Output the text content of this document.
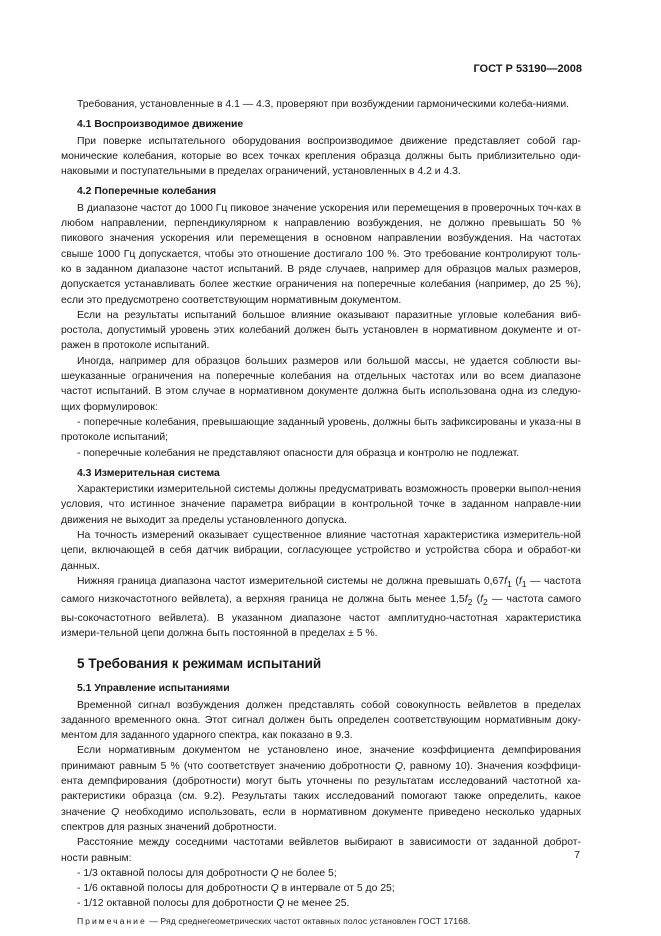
ГОСТ Р 53190—2008

Требования, установленные в 4.1 — 4.3, проверяют при возбуждении гармоническими колеба-ниями.

4.1 Воспроизводимое движение

При поверке испытательного оборудования воспроизводимое движение представляет собой гар-монические колебания, которые во всех точках крепления образца должны быть приблизительно оди-наковыми и поступательными в пределах ограничений, установленных в 4.2 и 4.3.

4.2 Поперечные колебания

В диапазоне частот до 1000 Гц пиковое значение ускорения или перемещения в проверочных точ-ках в любом направлении, перпендикулярном к направлению возбуждения, не должно превышать 50 % пикового значения ускорения или перемещения в основном направлении возбуждения. На частотах свыше 1000 Гц допускается, чтобы это отношение достигало 100 %. Это требование контролируют толь-ко в заданном диапазоне частот испытаний. В ряде случаев, например для образцов малых размеров, допускается устанавливать более жесткие ограничения на поперечные колебания (например, до 25 %), если это предусмотрено соответствующим нормативным документом.

Если на результаты испытаний большое влияние оказывают паразитные угловые колебания виб-ростола, допустимый уровень этих колебаний должен быть установлен в нормативном документе и от-ражен в протоколе испытаний.

Иногда, например для образцов больших размеров или большой массы, не удается соблюсти вы-шеуказанные ограничения на поперечные колебания на отдельных частотах или во всем диапазоне частот испытаний. В этом случае в нормативном документе должна быть использована одна из следую-щих формулировок:

- поперечные колебания, превышающие заданный уровень, должны быть зафиксированы и указа-ны в протоколе испытаний;

- поперечные колебания не представляют опасности для образца и контролю не подлежат.

4.3 Измерительная система

Характеристики измерительной системы должны предусматривать возможность проверки выпол-нения условия, что истинное значение параметра вибрации в контрольной точке в заданном направле-нии движения не выходит за пределы установленного допуска.

На точность измерений оказывает существенное влияние частотная характеристика измеритель-ной цепи, включающей в себя датчик вибрации, согласующее устройство и устройства сбора и обработ-ки данных.

Нижняя граница диапазона частот измерительной системы не должна превышать $0,67f_1$ ($f_1$ — частота самого низкочастотного вейвлета), а верхняя граница не должна быть менее $1,5f_2$ ($f_2$ — частота самого вы-сокочастотного вейвлета). В указанном диапазоне частот амплитудно-частотная характеристика измери-тельной цепи должна быть постоянной в пределах ± 5 %.

5 Требования к режимам испытаний
5.1 Управление испытаниями

Временной сигнал возбуждения должен представлять собой совокупность вейвлетов в пределах заданного временного окна. Этот сигнал должен быть определен соответствующим нормативным доку-ментом для заданного ударного спектра, как показано в 9.3.

Если нормативным документом не установлено иное, значение коэффициента демпфирования принимают равным 5 % (что соответствует значению добротности Q, равному 10). Значения коэффици-ента демпфирования (добротности) могут быть уточнены по результатам исследований частотной ха-рактеристики образца (см. 9.2). Результаты таких исследований помогают также определить, какое значение Q необходимо использовать, если в нормативном документе приведено несколько ударных спектров для разных значений добротности.

Расстояние между соседними частотами вейвлетов выбирают в зависимости от заданной доброт-ности равным:

- 1/3 октавной полосы для добротности Q не более 5;

- 1/6 октавной полосы для добротности Q в интервале от 5 до 25;

- 1/12 октавной полосы для добротности Q не менее 25.

Примечание — Ряд среднегеометрических частот октавных полос установлен ГОСТ 17168.

7
